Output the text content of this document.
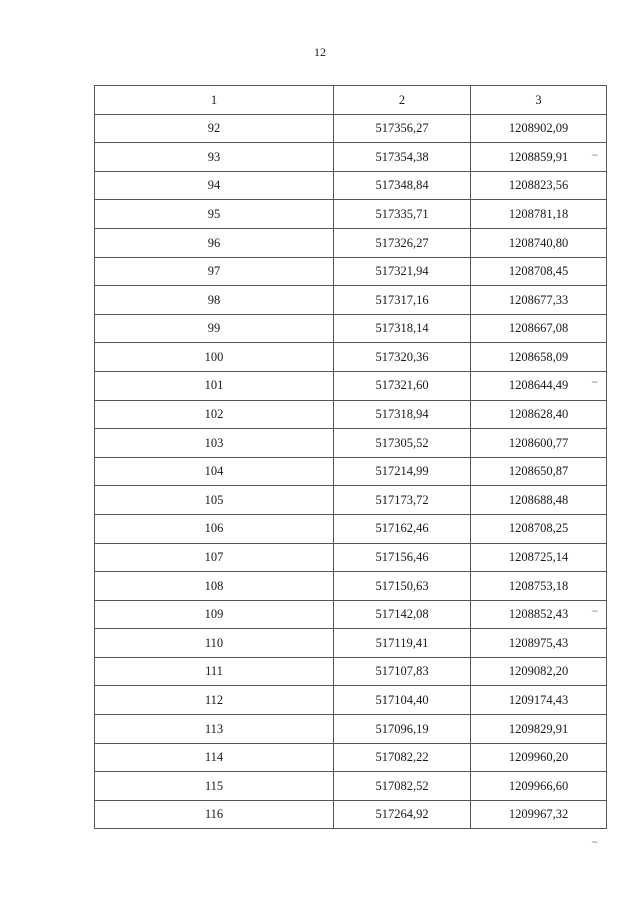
12
1	2	3
92	517356,27	1208902,09
93	517354,38	1208859,91
94	517348,84	1208823,56
95	517335,71	1208781,18
96	517326,27	1208740,80
97	517321,94	1208708,45
98	517317,16	1208677,33
99	517318,14	1208667,08
100	517320,36	1208658,09
101	517321,60	1208644,49
102	517318,94	1208628,40
103	517305,52	1208600,77
104	517214,99	1208650,87
105	517173,72	1208688,48
106	517162,46	1208708,25
107	517156,46	1208725,14
108	517150,63	1208753,18
109	517142,08	1208852,43
110	517119,41	1208975,43
111	517107,83	1209082,20
112	517104,40	1209174,43
113	517096,19	1209829,91
114	517082,22	1209960,20
115	517082,52	1209966,60
116	517264,92	1209967,32
~
~
~
~
